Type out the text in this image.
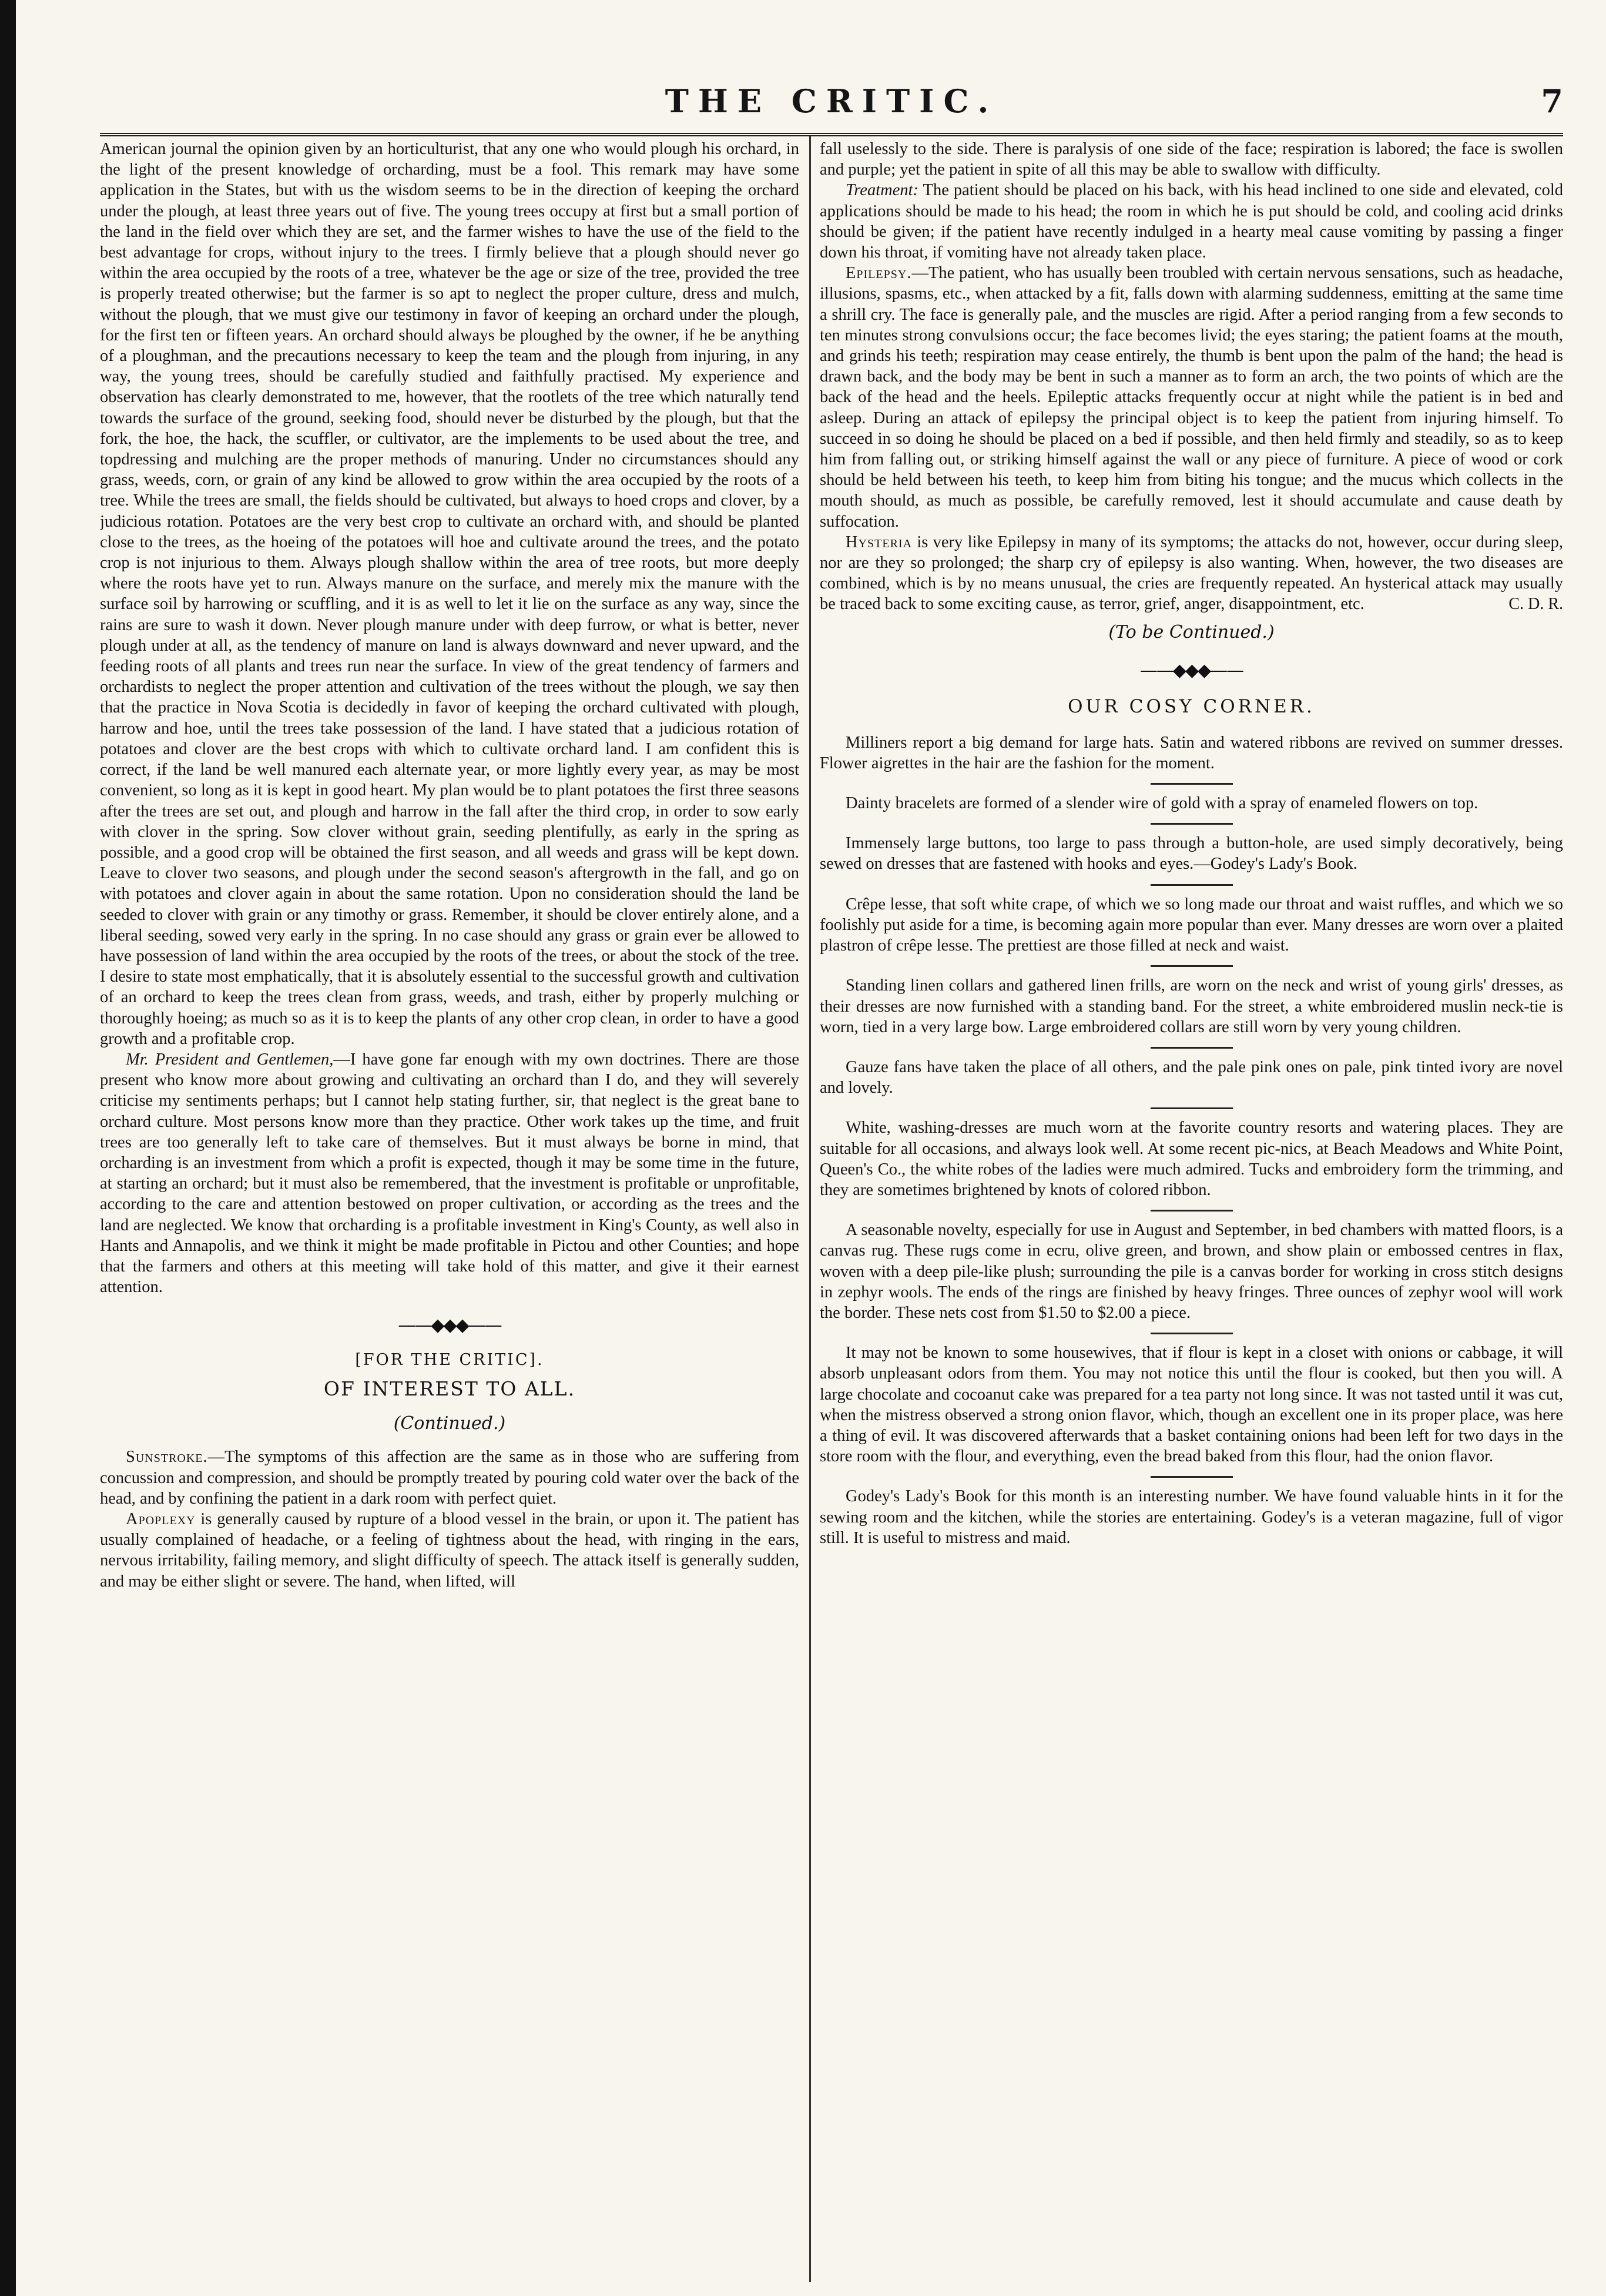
THE CRITIC.	7

American journal the opinion given by an horticulturist, that any one who would plough his orchard, in the light of the present knowledge of orcharding, must be a fool. This remark may have some application in the States, but with us the wisdom seems to be in the direction of keeping the orchard under the plough, at least three years out of five. The young trees occupy at first but a small portion of the land in the field over which they are set, and the farmer wishes to have the use of the field to the best advantage for crops, without injury to the trees. I firmly believe that a plough should never go within the area occupied by the roots of a tree, whatever be the age or size of the tree, provided the tree is properly treated otherwise; but the farmer is so apt to neglect the proper culture, dress and mulch, without the plough, that we must give our testimony in favor of keeping an orchard under the plough, for the first ten or fifteen years. An orchard should always be ploughed by the owner, if he be anything of a ploughman, and the precautions necessary to keep the team and the plough from injuring, in any way, the young trees, should be carefully studied and faithfully practised. My experience and observation has clearly demonstrated to me, however, that the rootlets of the tree which naturally tend towards the surface of the ground, seeking food, should never be disturbed by the plough, but that the fork, the hoe, the hack, the scuffler, or cultivator, are the implements to be used about the tree, and topdressing and mulching are the proper methods of manuring. Under no circumstances should any grass, weeds, corn, or grain of any kind be allowed to grow within the area occupied by the roots of a tree. While the trees are small, the fields should be cultivated, but always to hoed crops and clover, by a judicious rotation. Potatoes are the very best crop to cultivate an orchard with, and should be planted close to the trees, as the hoeing of the potatoes will hoe and cultivate around the trees, and the potato crop is not injurious to them. Always plough shallow within the area of tree roots, but more deeply where the roots have yet to run. Always manure on the surface, and merely mix the manure with the surface soil by harrowing or scuffling, and it is as well to let it lie on the surface as any way, since the rains are sure to wash it down. Never plough manure under with deep furrow, or what is better, never plough under at all, as the tendency of manure on land is always downward and never upward, and the feeding roots of all plants and trees run near the surface. In view of the great tendency of farmers and orchardists to neglect the proper attention and cultivation of the trees without the plough, we say then that the practice in Nova Scotia is decidedly in favor of keeping the orchard cultivated with plough, harrow and hoe, until the trees take possession of the land. I have stated that a judicious rotation of potatoes and clover are the best crops with which to cultivate orchard land. I am confident this is correct, if the land be well manured each alternate year, or more lightly every year, as may be most convenient, so long as it is kept in good heart. My plan would be to plant potatoes the first three seasons after the trees are set out, and plough and harrow in the fall after the third crop, in order to sow early with clover in the spring. Sow clover without grain, seeding plentifully, as early in the spring as possible, and a good crop will be obtained the first season, and all weeds and grass will be kept down. Leave to clover two seasons, and plough under the second season's aftergrowth in the fall, and go on with potatoes and clover again in about the same rotation. Upon no consideration should the land be seeded to clover with grain or any timothy or grass. Remember, it should be clover entirely alone, and a liberal seeding, sowed very early in the spring. In no case should any grass or grain ever be allowed to have possession of land within the area occupied by the roots of the trees, or about the stock of the tree. I desire to state most emphatically, that it is absolutely essential to the successful growth and cultivation of an orchard to keep the trees clean from grass, weeds, and trash, either by properly mulching or thoroughly hoeing; as much so as it is to keep the plants of any other crop clean, in order to have a good growth and a profitable crop.

Mr. President and Gentlemen,—I have gone far enough with my own doctrines. There are those present who know more about growing and cultivating an orchard than I do, and they will severely criticise my sentiments perhaps; but I cannot help stating further, sir, that neglect is the great bane to orchard culture. Most persons know more than they practice. Other work takes up the time, and fruit trees are too generally left to take care of themselves. But it must always be borne in mind, that orcharding is an investment from which a profit is expected, though it may be some time in the future, at starting an orchard; but it must also be remembered, that the investment is profitable or unprofitable, according to the care and attention bestowed on proper cultivation, or according as the trees and the land are neglected. We know that orcharding is a profitable investment in King's County, as well also in Hants and Annapolis, and we think it might be made profitable in Pictou and other Counties; and hope that the farmers and others at this meeting will take hold of this matter, and give it their earnest attention.

——◆◆◆——
[FOR THE CRITIC].
OF INTEREST TO ALL.
(Continued.)

Sunstroke.—The symptoms of this affection are the same as in those who are suffering from concussion and compression, and should be promptly treated by pouring cold water over the back of the head, and by confining the patient in a dark room with perfect quiet.

Apoplexy is generally caused by rupture of a blood vessel in the brain, or upon it. The patient has usually complained of headache, or a feeling of tightness about the head, with ringing in the ears, nervous irritability, failing memory, and slight difficulty of speech. The attack itself is generally sudden, and may be either slight or severe. The hand, when lifted, will

fall uselessly to the side. There is paralysis of one side of the face; respiration is labored; the face is swollen and purple; yet the patient in spite of all this may be able to swallow with difficulty.

Treatment: The patient should be placed on his back, with his head inclined to one side and elevated, cold applications should be made to his head; the room in which he is put should be cold, and cooling acid drinks should be given; if the patient have recently indulged in a hearty meal cause vomiting by passing a finger down his throat, if vomiting have not already taken place.

Epilepsy.—The patient, who has usually been troubled with certain nervous sensations, such as headache, illusions, spasms, etc., when attacked by a fit, falls down with alarming suddenness, emitting at the same time a shrill cry. The face is generally pale, and the muscles are rigid. After a period ranging from a few seconds to ten minutes strong convulsions occur; the face becomes livid; the eyes staring; the patient foams at the mouth, and grinds his teeth; respiration may cease entirely, the thumb is bent upon the palm of the hand; the head is drawn back, and the body may be bent in such a manner as to form an arch, the two points of which are the back of the head and the heels. Epileptic attacks frequently occur at night while the patient is in bed and asleep. During an attack of epilepsy the principal object is to keep the patient from injuring himself. To succeed in so doing he should be placed on a bed if possible, and then held firmly and steadily, so as to keep him from falling out, or striking himself against the wall or any piece of furniture. A piece of wood or cork should be held between his teeth, to keep him from biting his tongue; and the mucus which collects in the mouth should, as much as possible, be carefully removed, lest it should accumulate and cause death by suffocation.

Hysteria is very like Epilepsy in many of its symptoms; the attacks do not, however, occur during sleep, nor are they so prolonged; the sharp cry of epilepsy is also wanting. When, however, the two diseases are combined, which is by no means unusual, the cries are frequently repeated. An hysterical attack may usually be traced back to some exciting cause, as terror, grief, anger, disappointment, etc.	C. D. R.

(To be Continued.)
——◆◆◆——
OUR COSY CORNER.

Milliners report a big demand for large hats. Satin and watered ribbons are revived on summer dresses. Flower aigrettes in the hair are the fashion for the moment.

Dainty bracelets are formed of a slender wire of gold with a spray of enameled flowers on top.

Immensely large buttons, too large to pass through a button-hole, are used simply decoratively, being sewed on dresses that are fastened with hooks and eyes.—Godey's Lady's Book.

Crêpe lesse, that soft white crape, of which we so long made our throat and waist ruffles, and which we so foolishly put aside for a time, is becoming again more popular than ever. Many dresses are worn over a plaited plastron of crêpe lesse. The prettiest are those filled at neck and waist.

Standing linen collars and gathered linen frills, are worn on the neck and wrist of young girls' dresses, as their dresses are now furnished with a standing band. For the street, a white embroidered muslin neck-tie is worn, tied in a very large bow. Large embroidered collars are still worn by very young children.

Gauze fans have taken the place of all others, and the pale pink ones on pale, pink tinted ivory are novel and lovely.

White, washing-dresses are much worn at the favorite country resorts and watering places. They are suitable for all occasions, and always look well. At some recent pic-nics, at Beach Meadows and White Point, Queen's Co., the white robes of the ladies were much admired. Tucks and embroidery form the trimming, and they are sometimes brightened by knots of colored ribbon.

A seasonable novelty, especially for use in August and September, in bed chambers with matted floors, is a canvas rug. These rugs come in ecru, olive green, and brown, and show plain or embossed centres in flax, woven with a deep pile-like plush; surrounding the pile is a canvas border for working in cross stitch designs in zephyr wools. The ends of the rings are finished by heavy fringes. Three ounces of zephyr wool will work the border. These nets cost from $1.50 to $2.00 a piece.

It may not be known to some housewives, that if flour is kept in a closet with onions or cabbage, it will absorb unpleasant odors from them. You may not notice this until the flour is cooked, but then you will. A large chocolate and cocoanut cake was prepared for a tea party not long since. It was not tasted until it was cut, when the mistress observed a strong onion flavor, which, though an excellent one in its proper place, was here a thing of evil. It was discovered afterwards that a basket containing onions had been left for two days in the store room with the flour, and everything, even the bread baked from this flour, had the onion flavor.

Godey's Lady's Book for this month is an interesting number. We have found valuable hints in it for the sewing room and the kitchen, while the stories are entertaining. Godey's is a veteran magazine, full of vigor still. It is useful to mistress and maid.
